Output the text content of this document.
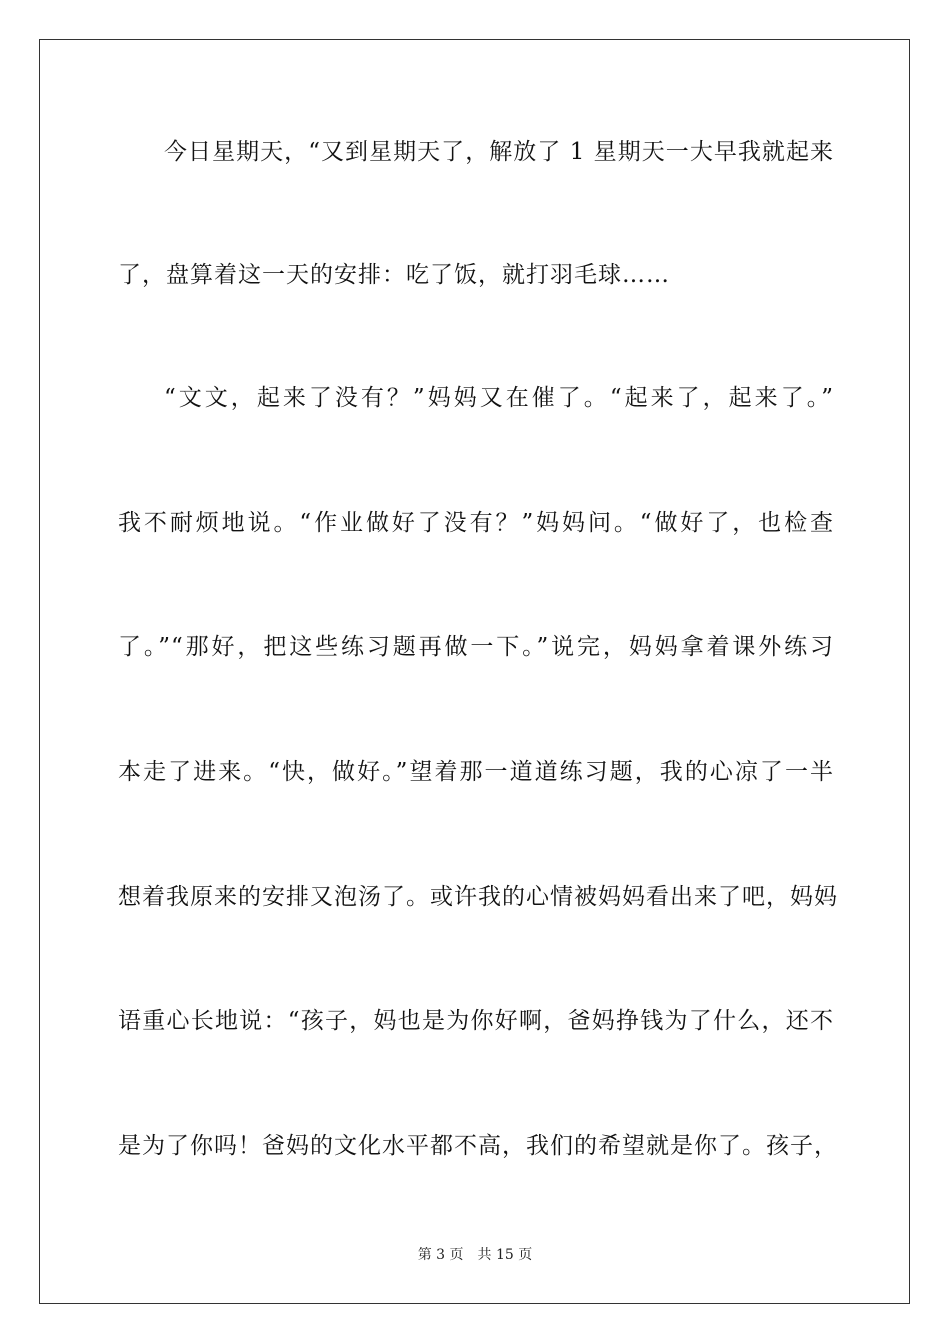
今日星期天，“又到星期天了，解放了 1 星期天一大早我就起来

了，盘算着这一天的安排：吃了饭，就打羽毛球……

“文文，起来了没有？”妈妈又在催了。“起来了，起来了。”

我不耐烦地说。“作业做好了没有？”妈妈问。“做好了，也检查

了。”“那好，把这些练习题再做一下。”说完，妈妈拿着课外练习

本走了进来。“快，做好。”望着那一道道练习题，我的心凉了一半

想着我原来的安排又泡汤了。或许我的心情被妈妈看出来了吧，妈妈

语重心长地说：“孩子，妈也是为你好啊，爸妈挣钱为了什么，还不

是为了你吗！爸妈的文化水平都不高，我们的希望就是你了。孩子，

第 3 页　共 15 页
